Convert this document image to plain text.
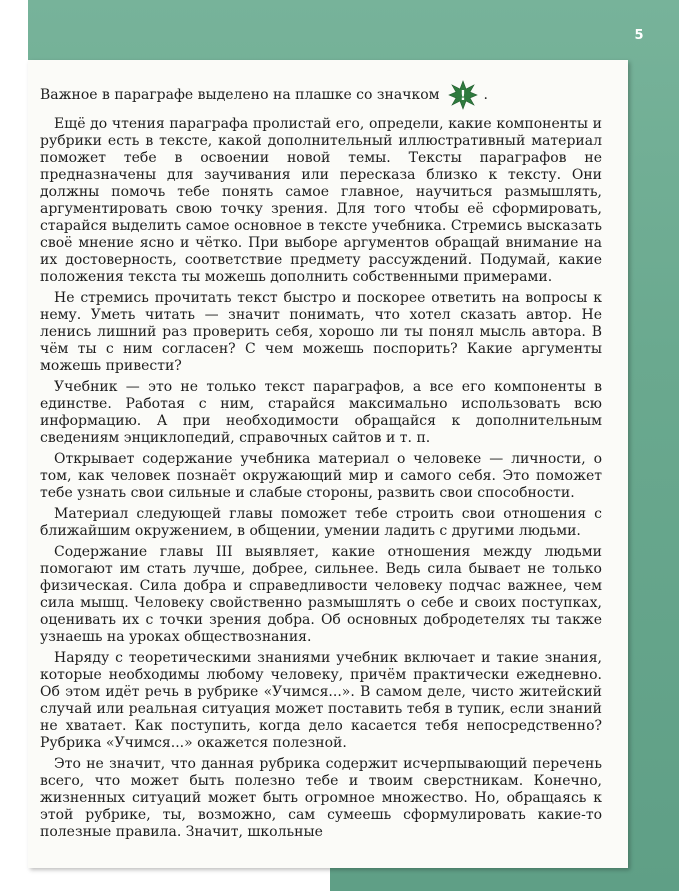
5

Важное в параграфе выделено на плашке со значком ! .

Ещё до чтения параграфа пролистай его, определи, какие компоненты и рубрики есть в тексте, какой дополнительный иллюстративный материал поможет тебе в освоении новой темы. Тексты параграфов не предназначены для заучивания или пересказа близко к тексту. Они должны помочь тебе понять самое главное, научиться размышлять, аргументировать свою точку зрения. Для того чтобы её сформировать, старайся выделить самое основное в тексте учебника. Стремись высказать своё мнение ясно и чётко. При выборе аргументов обращай внимание на их достоверность, соответствие предмету рассуждений. Подумай, какие положения текста ты можешь дополнить собственными примерами.

Не стремись прочитать текст быстро и поскорее ответить на вопросы к нему. Уметь читать — значит понимать, что хотел сказать автор. Не ленись лишний раз проверить себя, хорошо ли ты понял мысль автора. В чём ты с ним согласен? С чем можешь поспорить? Какие аргументы можешь привести?

Учебник — это не только текст параграфов, а все его компоненты в единстве. Работая с ним, старайся максимально использовать всю информацию. А при необходимости обращайся к дополнительным сведениям энциклопедий, справочных сайтов и т. п.

Открывает содержание учебника материал о человеке — личности, о том, как человек познаёт окружающий мир и самого себя. Это поможет тебе узнать свои сильные и слабые стороны, развить свои способности.

Материал следующей главы поможет тебе строить свои отношения с ближайшим окружением, в общении, умении ладить с другими людьми.

Содержание главы III выявляет, какие отношения между людьми помогают им стать лучше, добрее, сильнее. Ведь сила бывает не только физическая. Сила добра и справедливости человеку подчас важнее, чем сила мышц. Человеку свойственно размышлять о себе и своих поступках, оценивать их с точки зрения добра. Об основных добродетелях ты также узнаешь на уроках обществознания.

Наряду с теоретическими знаниями учебник включает и такие знания, которые необходимы любому человеку, причём практически ежедневно. Об этом идёт речь в рубрике «Учимся...». В самом деле, чисто житейский случай или реальная ситуация может поставить тебя в тупик, если знаний не хватает. Как поступить, когда дело касается тебя непосредственно? Рубрика «Учимся...» окажется полезной.

Это не значит, что данная рубрика содержит исчерпывающий перечень всего, что может быть полезно тебе и твоим сверстникам. Конечно, жизненных ситуаций может быть огромное множество. Но, обращаясь к этой рубрике, ты, возможно, сам сумеешь сформулировать какие-то полезные правила. Значит, школьные
